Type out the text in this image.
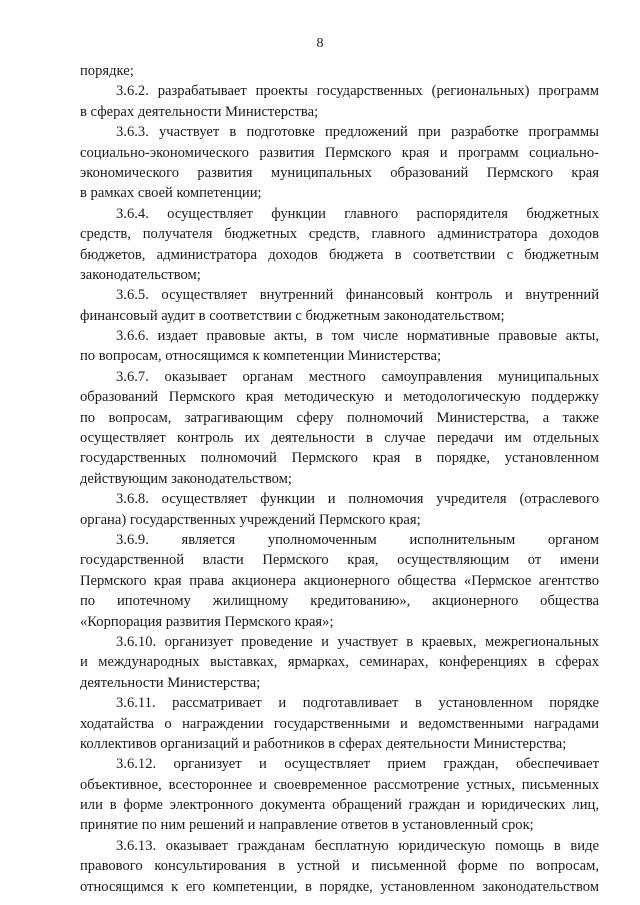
8
порядке;
3.6.2. разрабатывает проекты государственных (региональных) программ
в сферах деятельности Министерства;
3.6.3. участвует в подготовке предложений при разработке программы
социально-экономического развития Пермского края и программ социально-
экономического развития муниципальных образований Пермского края
в рамках своей компетенции;
3.6.4. осуществляет функции главного распорядителя бюджетных
средств, получателя бюджетных средств, главного администратора доходов
бюджетов, администратора доходов бюджета в соответствии с бюджетным
законодательством;
3.6.5. осуществляет внутренний финансовый контроль и внутренний
финансовый аудит в соответствии с бюджетным законодательством;
3.6.6. издает правовые акты, в том числе нормативные правовые акты,
по вопросам, относящимся к компетенции Министерства;
3.6.7. оказывает органам местного самоуправления муниципальных
образований Пермского края методическую и методологическую поддержку
по вопросам, затрагивающим сферу полномочий Министерства, а также
осуществляет контроль их деятельности в случае передачи им отдельных
государственных полномочий Пермского края в порядке, установленном
действующим законодательством;
3.6.8. осуществляет функции и полномочия учредителя (отраслевого
органа) государственных учреждений Пермского края;
3.6.9. является уполномоченным исполнительным органом
государственной власти Пермского края, осуществляющим от имени
Пермского края права акционера акционерного общества «Пермское агентство
по ипотечному жилищному кредитованию», акционерного общества
«Корпорация развития Пермского края»;
3.6.10. организует проведение и участвует в краевых, межрегиональных
и международных выставках, ярмарках, семинарах, конференциях в сферах
деятельности Министерства;
3.6.11. рассматривает и подготавливает в установленном порядке
ходатайства о награждении государственными и ведомственными наградами
коллективов организаций и работников в сферах деятельности Министерства;
3.6.12. организует и осуществляет прием граждан, обеспечивает
объективное, всестороннее и своевременное рассмотрение устных, письменных
или в форме электронного документа обращений граждан и юридических лиц,
принятие по ним решений и направление ответов в установленный срок;
3.6.13. оказывает гражданам бесплатную юридическую помощь в виде
правового консультирования в устной и письменной форме по вопросам,
относящимся к его компетенции, в порядке, установленном законодательством
